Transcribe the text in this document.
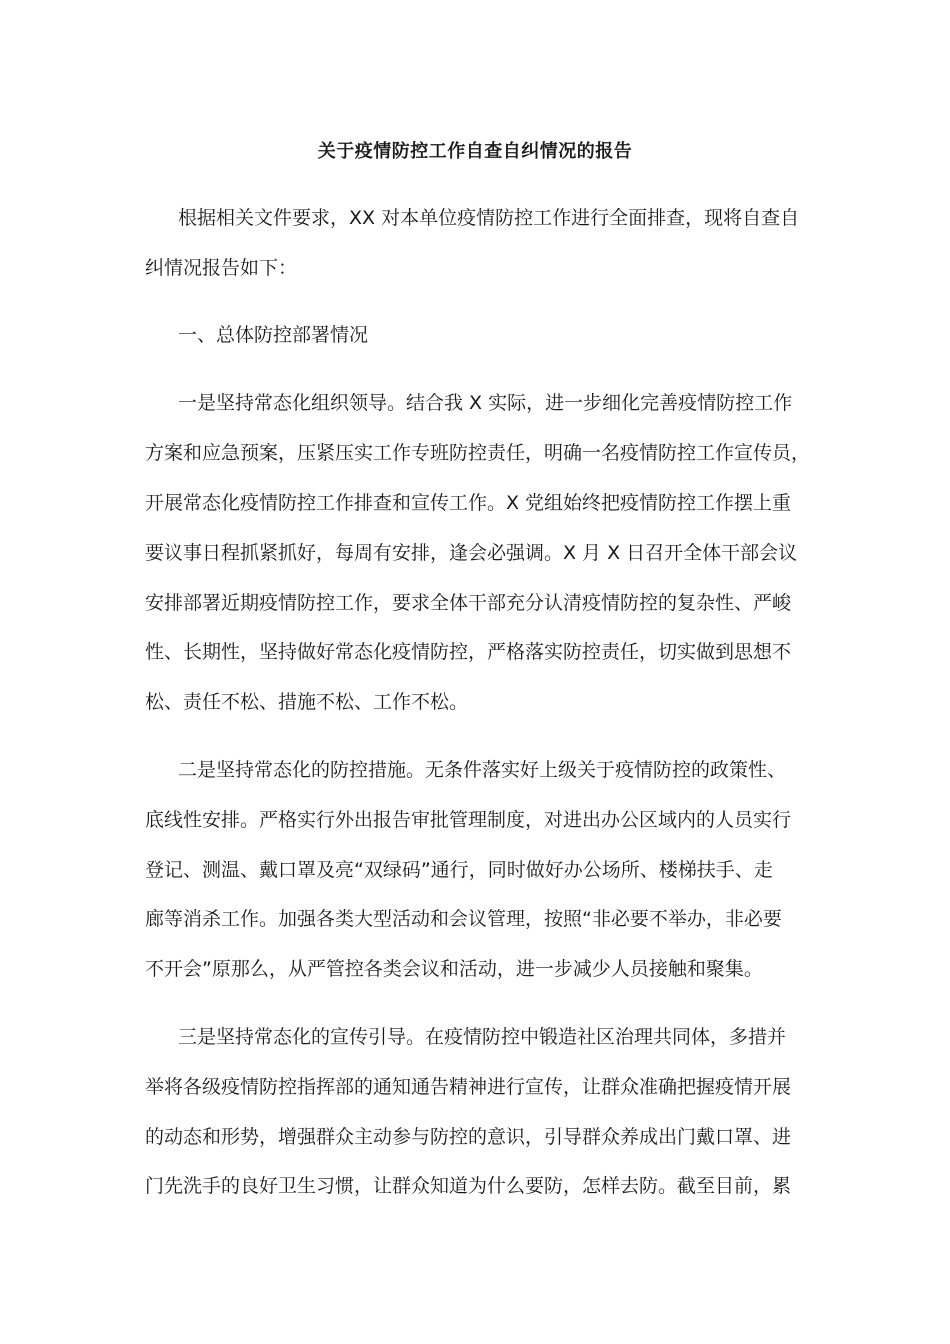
关于疫情防控工作自查自纠情况的报告
根据相关文件要求，XX 对本单位疫情防控工作进行全面排查，现将自查自
纠情况报告如下：
一、总体防控部署情况
一是坚持常态化组织领导。结合我 X 实际，进一步细化完善疫情防控工作
方案和应急预案，压紧压实工作专班防控责任，明确一名疫情防控工作宣传员，
开展常态化疫情防控工作排查和宣传工作。X 党组始终把疫情防控工作摆上重
要议事日程抓紧抓好，每周有安排，逢会必强调。X 月 X 日召开全体干部会议
安排部署近期疫情防控工作，要求全体干部充分认清疫情防控的复杂性、严峻
性、长期性，坚持做好常态化疫情防控，严格落实防控责任，切实做到思想不
松、责任不松、措施不松、工作不松。
二是坚持常态化的防控措施。无条件落实好上级关于疫情防控的政策性、
底线性安排。严格实行外出报告审批管理制度，对进出办公区域内的人员实行
登记、测温、戴口罩及亮“双绿码”通行，同时做好办公场所、楼梯扶手、走
廊等消杀工作。加强各类大型活动和会议管理，按照“非必要不举办，非必要
不开会”原那么，从严管控各类会议和活动，进一步减少人员接触和聚集。
三是坚持常态化的宣传引导。在疫情防控中锻造社区治理共同体，多措并
举将各级疫情防控指挥部的通知通告精神进行宣传，让群众准确把握疫情开展
的动态和形势，增强群众主动参与防控的意识，引导群众养成出门戴口罩、进
门先洗手的良好卫生习惯，让群众知道为什么要防，怎样去防。截至目前，累
